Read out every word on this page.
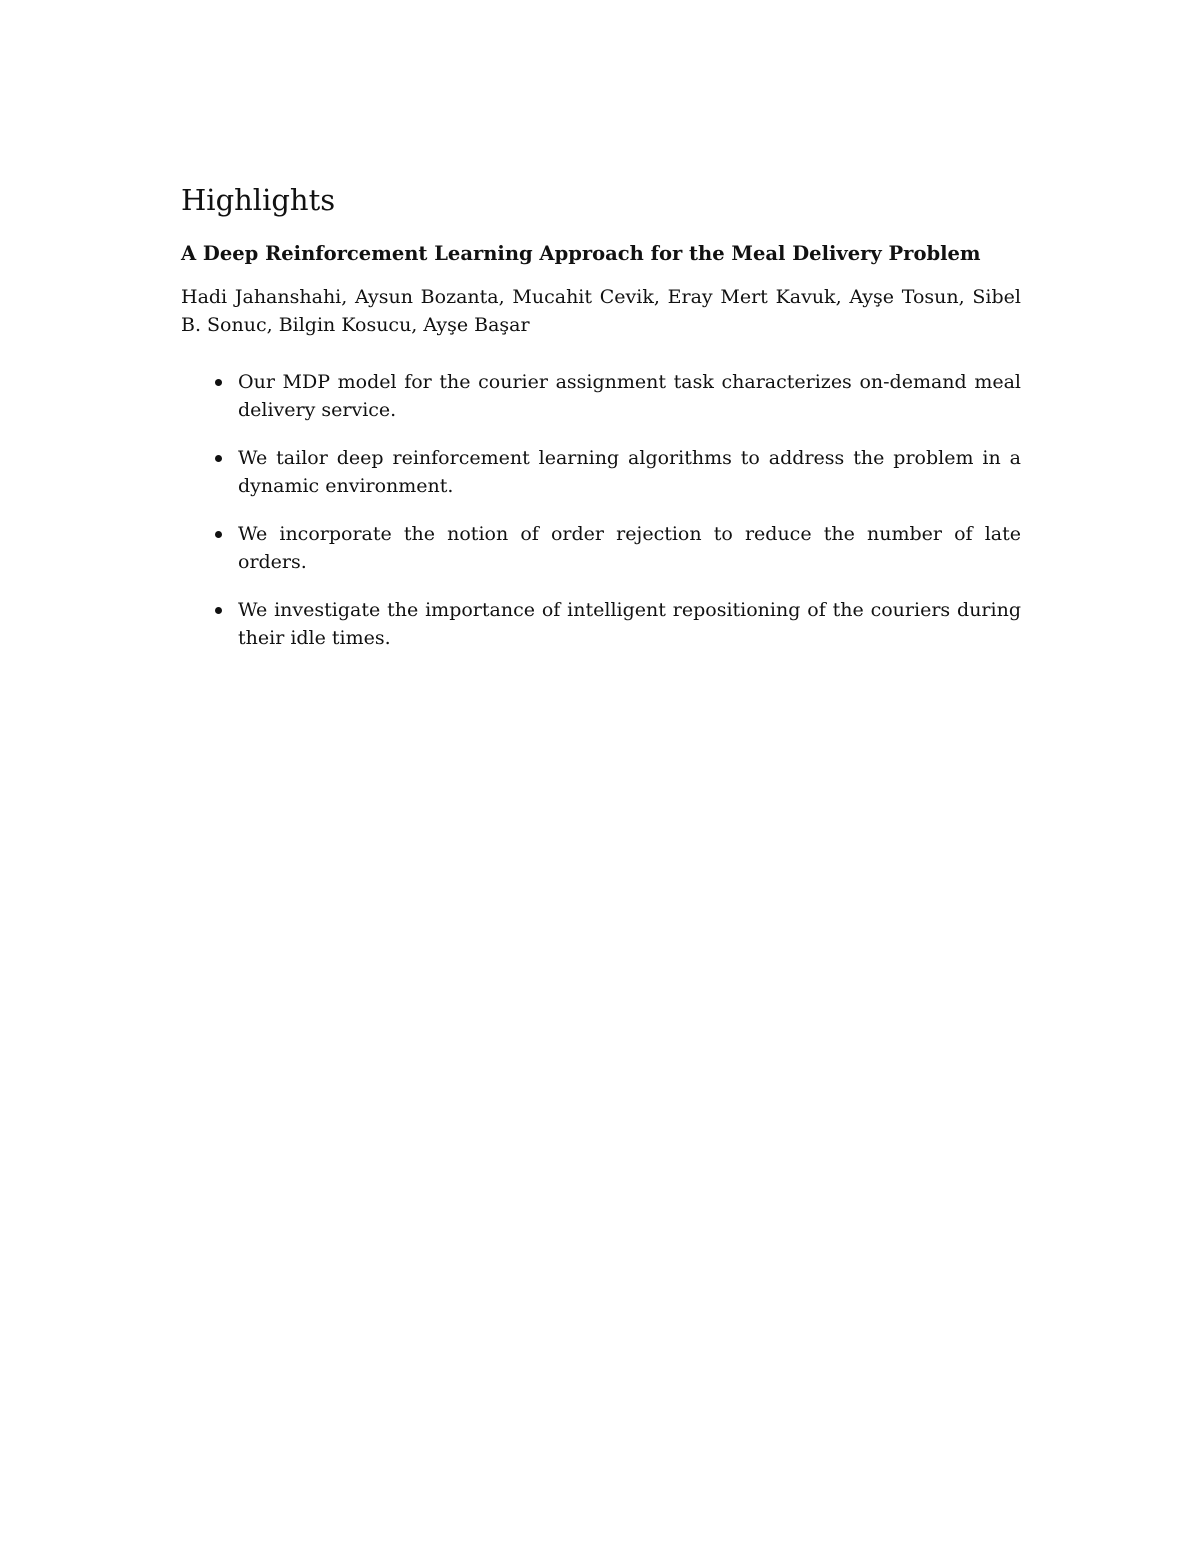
Highlights
A Deep Reinforcement Learning Approach for the Meal Delivery Problem

Hadi Jahanshahi, Aysun Bozanta, Mucahit Cevik, Eray Mert Kavuk, Ayşe Tosun, Sibel B. Sonuc, Bilgin Kosucu, Ayşe Başar

Our MDP model for the courier assignment task characterizes on-demand meal delivery service.
We tailor deep reinforcement learning algorithms to address the problem in a dynamic environment.
We incorporate the notion of order rejection to reduce the number of late orders.
We investigate the importance of intelligent repositioning of the couriers during their idle times.
